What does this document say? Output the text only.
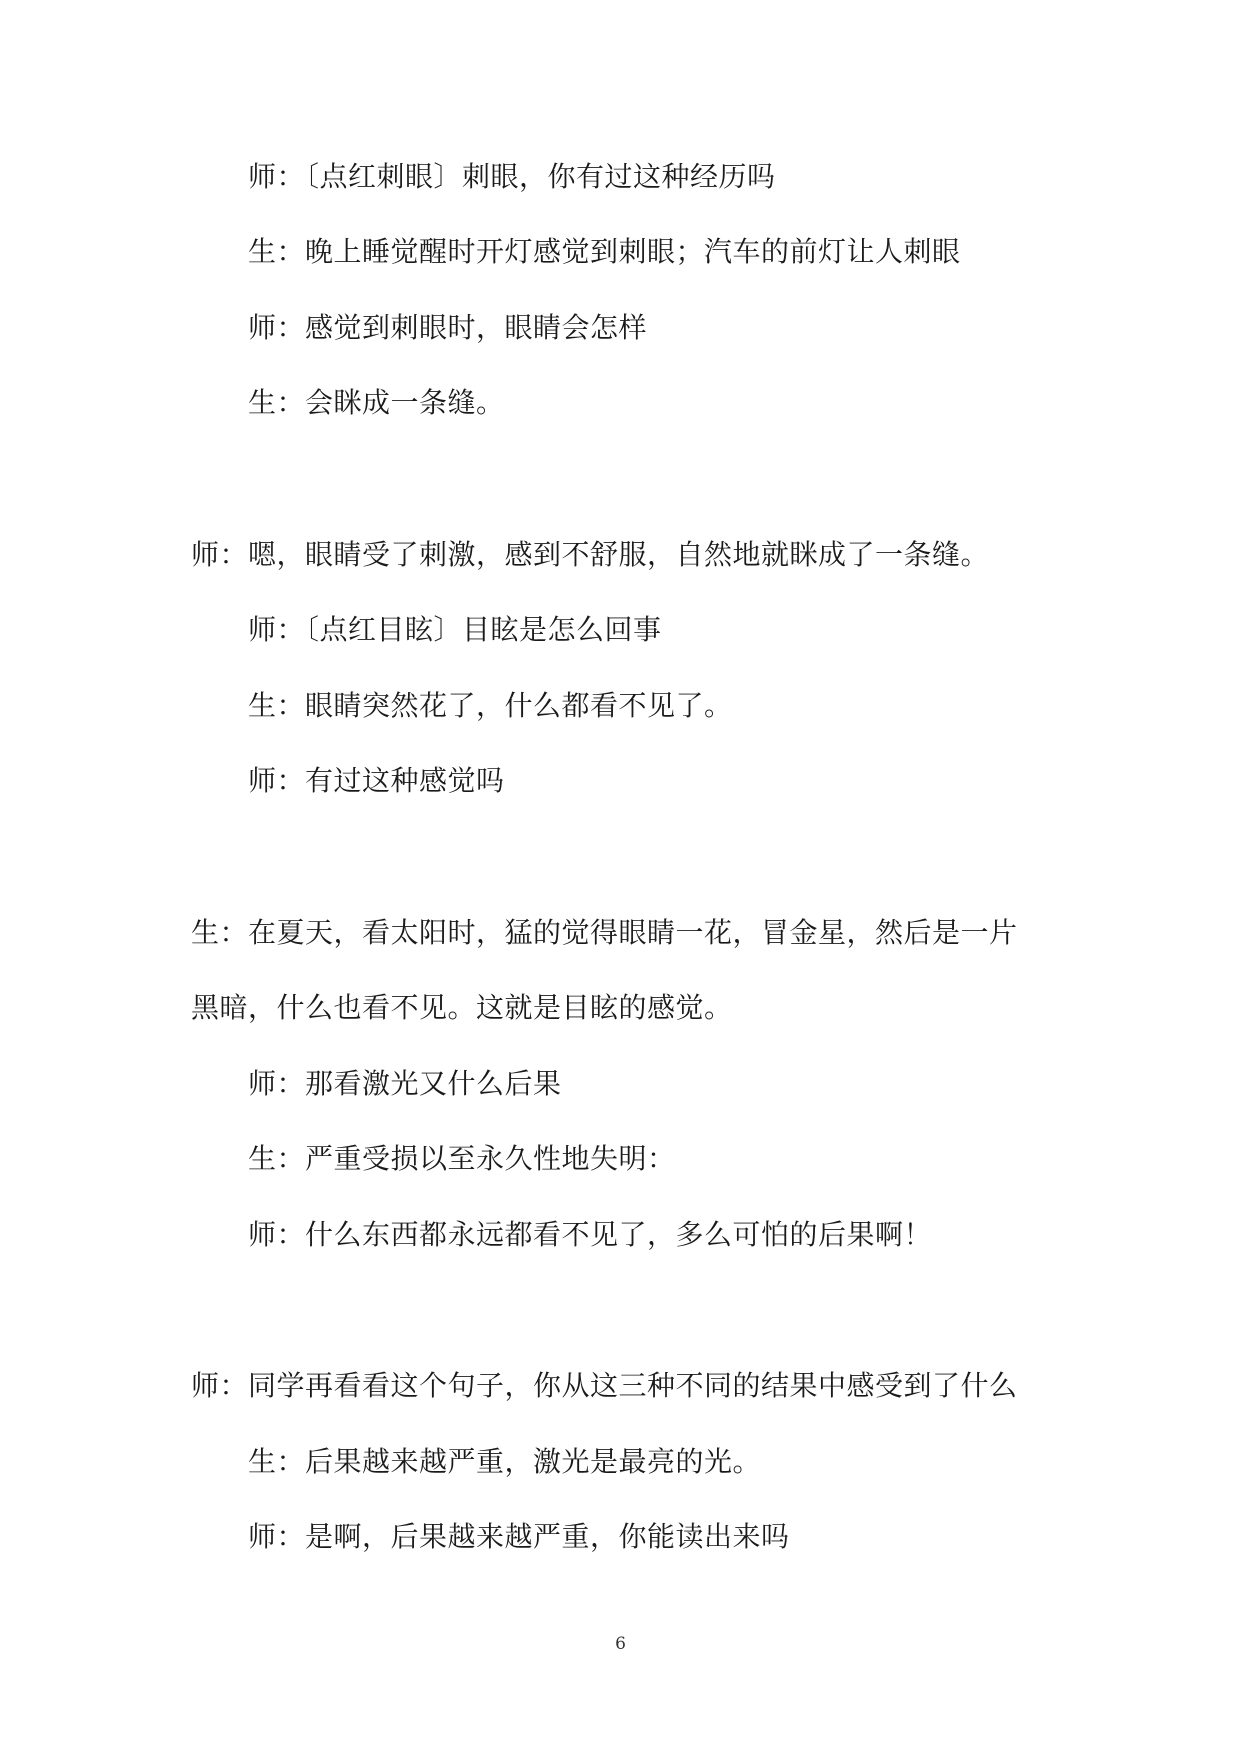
师：〔点红刺眼〕刺眼，你有过这种经历吗
生：晚上睡觉醒时开灯感觉到刺眼；汽车的前灯让人刺眼
师：感觉到刺眼时，眼睛会怎样
生：会眯成一条缝。
师：嗯，眼睛受了刺激，感到不舒服，自然地就眯成了一条缝。
师：〔点红目眩〕目眩是怎么回事
生：眼睛突然花了，什么都看不见了。
师：有过这种感觉吗
生：在夏天，看太阳时，猛的觉得眼睛一花，冒金星，然后是一片
黑暗，什么也看不见。这就是目眩的感觉。
师：那看激光又什么后果
生：严重受损以至永久性地失明：
师：什么东西都永远都看不见了，多么可怕的后果啊！
师：同学再看看这个句子，你从这三种不同的结果中感受到了什么
生：后果越来越严重，激光是最亮的光。
师：是啊，后果越来越严重，你能读出来吗
6
